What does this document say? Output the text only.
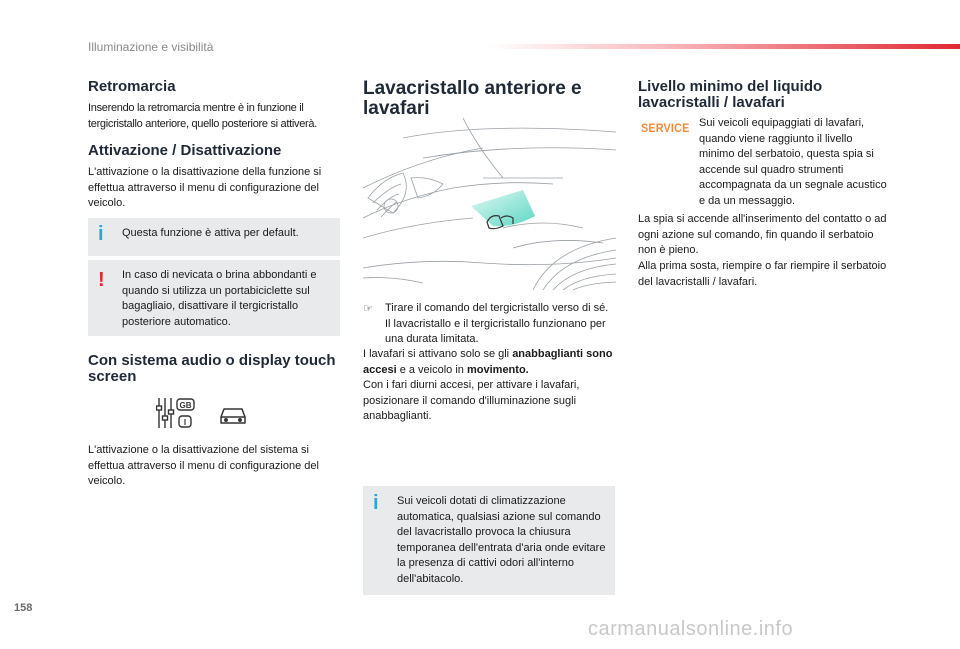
Illuminazione e visibilità
Retromarcia

Inserendo la retromarcia mentre è in funzione il tergicristallo anteriore, quello posteriore si attiverà.

Attivazione / Disattivazione

L'attivazione o la disattivazione della funzione si effettua attraverso il menu di configurazione del veicolo.

i Questa funzione è attiva per default.

! In caso di nevicata o brina abbondanti e quando si utilizza un portabiciclette sul bagagliaio, disattivare il tergicristallo posteriore automatico.

Con sistema audio o display touch screen
GB
I

L'attivazione o la disattivazione del sistema si effettua attraverso il menu di configurazione del veicolo.

Lavacristallo anteriore e lavafari

☞ Tirare il comando del tergicristallo verso di sé. Il lavacristallo e il tergicristallo funzionano per una durata limitata.

I lavafari si attivano solo se gli anabbaglianti sono accesi e a veicolo in movimento.

Con i fari diurni accesi, per attivare i lavafari, posizionare il comando d'illuminazione sugli anabbaglianti.

i Sui veicoli dotati di climatizzazione automatica, qualsiasi azione sul comando del lavacristallo provoca la chiusura temporanea dell'entrata d'aria onde evitare la presenza di cattivi odori all'interno dell'abitacolo.

Livello minimo del liquido lavacristalli / lavafari
SERVICE Sui veicoli equipaggiati di lavafari, quando viene raggiunto il livello minimo del serbatoio, questa spia si accende sul quadro strumenti accompagnata da un segnale acustico e da un messaggio.

La spia si accende all'inserimento del contatto o ad ogni azione sul comando, fin quando il serbatoio non è pieno.

Alla prima sosta, riempire o far riempire il serbatoio del lavacristalli / lavafari.

158
carmanualsonline.info
